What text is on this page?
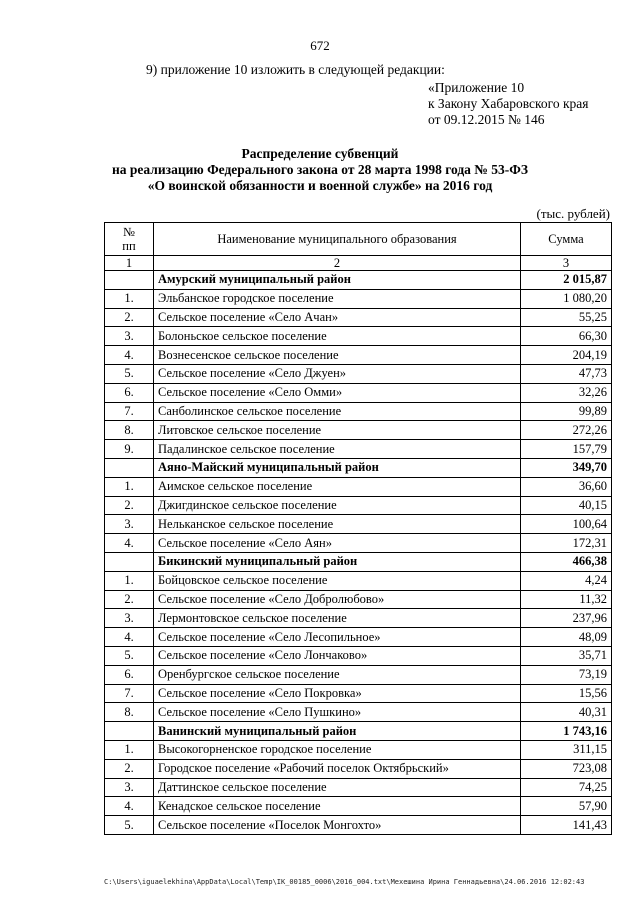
672
9) приложение 10 изложить в следующей редакции:
«Приложение 10
к Закону Хабаровского края
от 09.12.2015 № 146
Распределение субвенций
на реализацию Федерального закона от 28 марта 1998 года № 53-ФЗ
«О воинской обязанности и военной службе» на 2016 год
(тыс. рублей)
№
пп	Наименование муниципального образования	Сумма
1	2	3
	Амурский муниципальный район	2 015,87
1.	Эльбанское городское поселение	1 080,20
2.	Сельское поселение «Село Ачан»	55,25
3.	Болоньское сельское поселение	66,30
4.	Вознесенское сельское поселение	204,19
5.	Сельское поселение «Село Джуен»	47,73
6.	Сельское поселение «Село Омми»	32,26
7.	Санболинское сельское поселение	99,89
8.	Литовское сельское поселение	272,26
9.	Падалинское сельское поселение	157,79
	Аяно-Майский муниципальный район	349,70
1.	Аимское сельское поселение	36,60
2.	Джигдинское сельское поселение	40,15
3.	Нельканское сельское поселение	100,64
4.	Сельское поселение «Село Аян»	172,31
	Бикинский муниципальный район	466,38
1.	Бойцовское сельское поселение	4,24
2.	Сельское поселение «Село Добролюбово»	11,32
3.	Лермонтовское сельское поселение	237,96
4.	Сельское поселение «Село Лесопильное»	48,09
5.	Сельское поселение «Село Лончаково»	35,71
6.	Оренбургское сельское поселение	73,19
7.	Сельское поселение «Село Покровка»	15,56
8.	Сельское поселение «Село Пушкино»	40,31
	Ванинский муниципальный район	1 743,16
1.	Высокогорненское городское поселение	311,15
2.	Городское поселение «Рабочий поселок Октябрьский»	723,08
3.	Даттинское сельское поселение	74,25
4.	Кенадское сельское поселение	57,90
5.	Сельское поселение «Поселок Монгохто»	141,43
C:\Users\iguaelekhina\AppData\Local\Temp\IK_00185_0006\2016_004.txt\Мехешина Ирина Геннадьевна\24.06.2016 12:02:43
